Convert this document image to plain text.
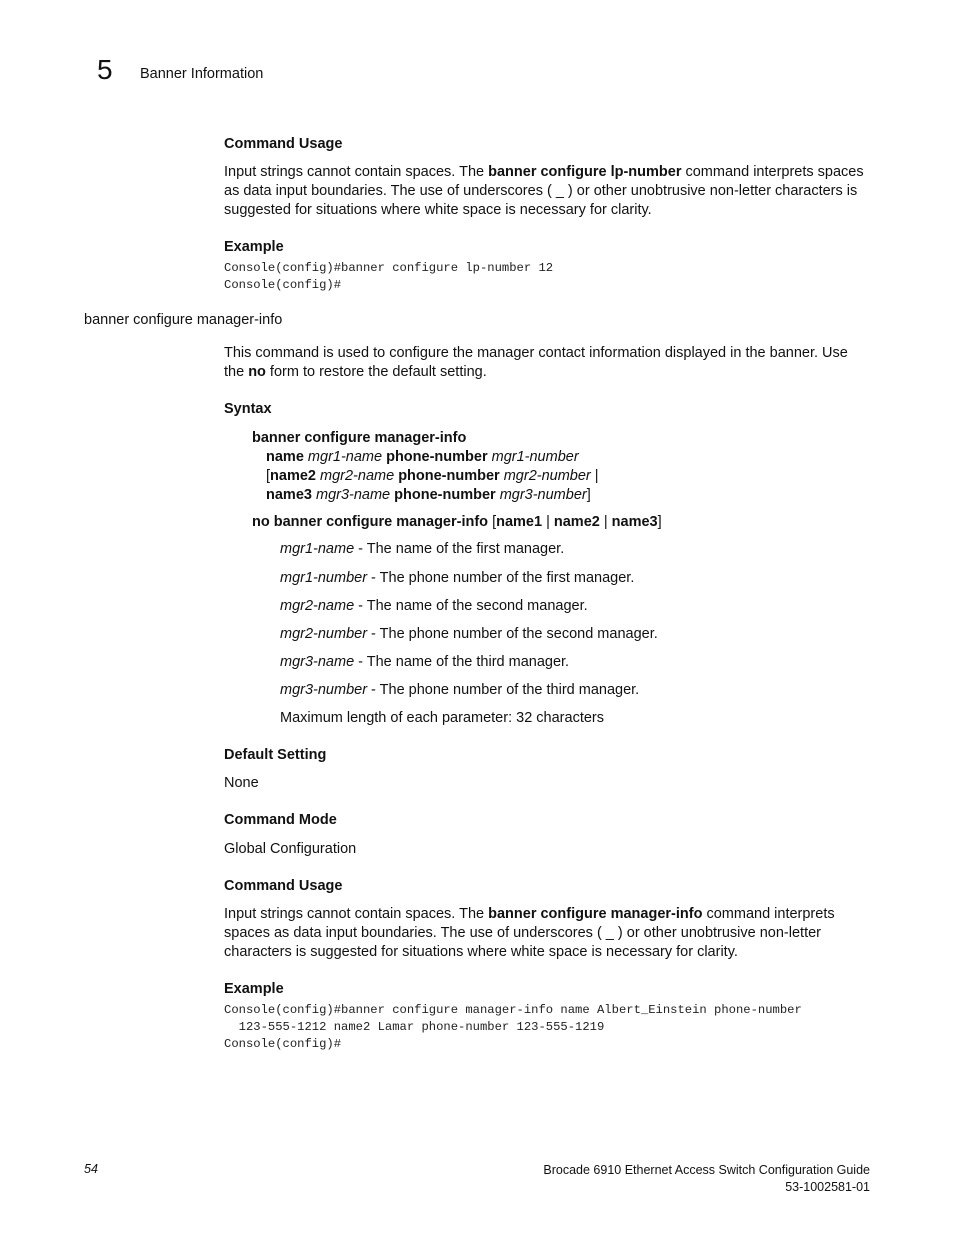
5 Banner Information
Command Usage
Input strings cannot contain spaces. The banner configure lp-number command interprets spaces
as data input boundaries. The use of underscores ( _ ) or other unobtrusive non-letter characters is
suggested for situations where white space is necessary for clarity.
Example
Console(config)#banner configure lp-number 12
Console(config)#
banner configure manager-info
This command is used to configure the manager contact information displayed in the banner. Use
the no form to restore the default setting.
Syntax
banner configure manager-info
name mgr1-name phone-number mgr1-number
[name2 mgr2-name phone-number mgr2-number |
name3 mgr3-name phone-number mgr3-number]
no banner configure manager-info [name1 | name2 | name3]
mgr1-name - The name of the first manager.
mgr1-number - The phone number of the first manager.
mgr2-name - The name of the second manager.
mgr2-number - The phone number of the second manager.
mgr3-name - The name of the third manager.
mgr3-number - The phone number of the third manager.
Maximum length of each parameter: 32 characters
Default Setting
None
Command Mode
Global Configuration
Command Usage
Input strings cannot contain spaces. The banner configure manager-info command interprets
spaces as data input boundaries. The use of underscores ( _ ) or other unobtrusive non-letter
characters is suggested for situations where white space is necessary for clarity.
Example
Console(config)#banner configure manager-info name Albert_Einstein phone-number
123-555-1212 name2 Lamar phone-number 123-555-1219
Console(config)#
54	Brocade 6910 Ethernet Access Switch Configuration Guide
53-1002581-01
